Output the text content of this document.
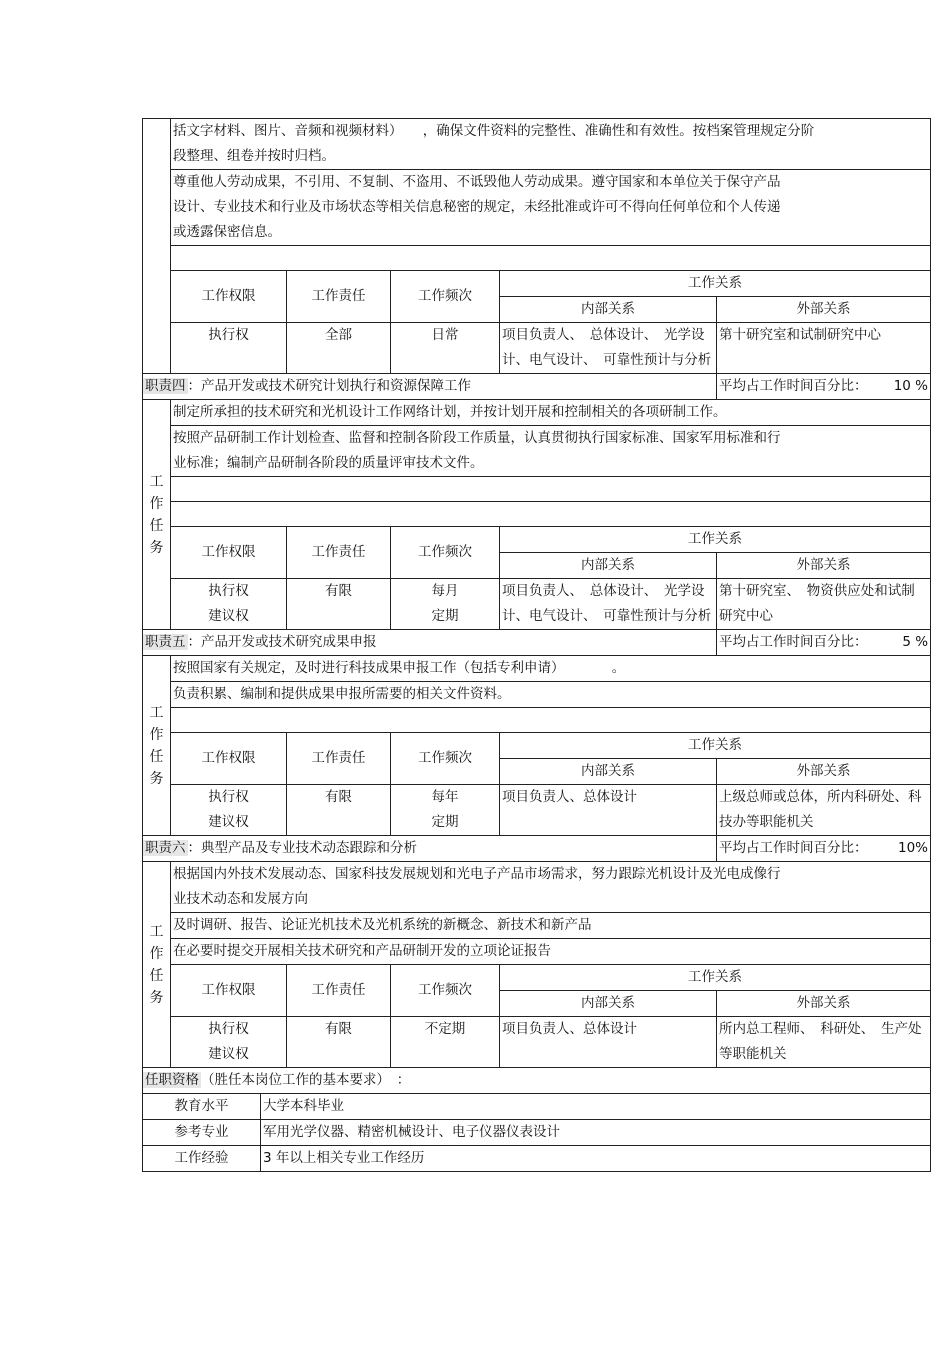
	括文字材料、图片、音频和视频材料）　　，确保文件资料的完整性、准确性和有效性。按档案管理规定分阶
段整理、组卷并按时归档。				

	尊重他人劳动成果，不引用、不复制、不盗用、不诋毁他人劳动成果。遵守国家和本单位关于保守产品
设计、专业技术和行业及市场状态等相关信息秘密的规定，未经批准或许可不得向任何单位和个人传递
或透露保密信息。				

	工作权限	工作责任	工作频次	工作关系	
				内部关系	外部关系

	执行权	全部	日常	项目负责人、　总体设计、　光学设计、电气设计、　可靠性预计与分析	第十研究室和试制研究中心
职责四 ：产品开发或技术研究计划执行和资源保障工作	平均占工作时间百分比： 10 %
工
作
任
务	制定所承担的技术研究和光机设计工作网络计划，并按计划开展和控制相关的各项研制工作。				

	按照产品研制工作计划检查、监督和控制各阶段工作质量，认真贯彻执行国家标准、国家军用标准和行
业标准；编制产品研制各阶段的质量评审技术文件。				

	工作权限	工作责任	工作频次	工作关系	
				内部关系	外部关系

	执行权
建议权	有限	每月
定期	项目负责人、　总体设计、　光学设计、电气设计、　可靠性预计与分析	第十研究室、　物资供应处和试制研究中心
职责五 ：产品开发或技术研究成果申报	平均占工作时间百分比：	5 %
工
作
任
务	按照国家有关规定，及时进行科技成果申报工作（包括专利申请）　　　　。				

	负责积累、编制和提供成果申报所需要的相关文件资料。				

	工作权限	工作责任	工作频次	工作关系	
				内部关系	外部关系

	执行权
建议权	有限	每年
定期	项目负责人、总体设计	上级总师或总体，所内科研处、科技办等职能机关
职责六 ：典型产品及专业技术动态跟踪和分析	平均占工作时间百分比： 10%
工
作
任
务	根据国内外技术发展动态、国家科技发展规划和光电子产品市场需求，努力跟踪光机设计及光电成像行
业技术动态和发展方向				

	及时调研、报告、论证光机技术及光机系统的新概念、新技术和新产品				

	在必要时提交开展相关技术研究和产品研制开发的立项论证报告				

	工作权限	工作责任	工作频次	工作关系	
				内部关系	外部关系

	执行权
建议权	有限	不定期	项目负责人、总体设计	所内总工程师、　科研处、　生产处等职能机关
任职资格 （胜任本岗位工作的基本要求）　：	
教育水平	大学本科毕业
参考专业	军用光学仪器、精密机械设计、电子仪器仪表设计
工作经验	3 年以上相关专业工作经历
